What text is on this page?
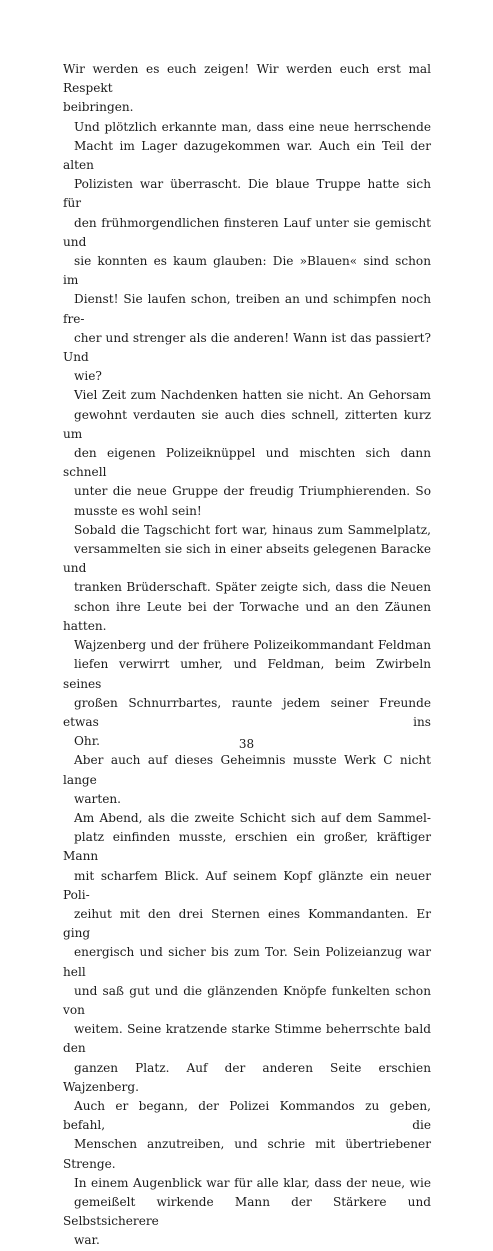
Wir werden es euch zeigen! Wir werden euch erst mal Respekt
beibringen.
Und plötzlich erkannte man, dass eine neue herrschende
Macht im Lager dazugekommen war. Auch ein Teil der alten
Polizisten war überrascht. Die blaue Truppe hatte sich für
den frühmorgendlichen finsteren Lauf unter sie gemischt und
sie konnten es kaum glauben: Die »Blauen« sind schon im
Dienst! Sie laufen schon, treiben an und schimpfen noch fre-
cher und strenger als die anderen! Wann ist das passiert? Und
wie?
Viel Zeit zum Nachdenken hatten sie nicht. An Gehorsam
gewohnt verdauten sie auch dies schnell, zitterten kurz um
den eigenen Polizeiknüppel und mischten sich dann schnell
unter die neue Gruppe der freudig Triumphierenden. So
musste es wohl sein!
Sobald die Tagschicht fort war, hinaus zum Sammelplatz,
versammelten sie sich in einer abseits gelegenen Baracke und
tranken Brüderschaft. Später zeigte sich, dass die Neuen
schon ihre Leute bei der Torwache und an den Zäunen hatten.
Wajzenberg und der frühere Polizeikommandant Feldman
liefen verwirrt umher, und Feldman, beim Zwirbeln seines
großen Schnurrbartes, raunte jedem seiner Freunde etwas ins
Ohr.
Aber auch auf dieses Geheimnis musste Werk C nicht lange
warten.
Am Abend, als die zweite Schicht sich auf dem Sammel-
platz einfinden musste, erschien ein großer, kräftiger Mann
mit scharfem Blick. Auf seinem Kopf glänzte ein neuer Poli-
zeihut mit den drei Sternen eines Kommandanten. Er ging
energisch und sicher bis zum Tor. Sein Polizeianzug war hell
und saß gut und die glänzenden Knöpfe funkelten schon von
weitem. Seine kratzende starke Stimme beherrschte bald den
ganzen Platz. Auf der anderen Seite erschien Wajzenberg.
Auch er begann, der Polizei Kommandos zu geben, befahl, die
Menschen anzutreiben, und schrie mit übertriebener Strenge.
In einem Augenblick war für alle klar, dass der neue, wie
gemeißelt wirkende Mann der Stärkere und Selbstsicherere
war.
38
